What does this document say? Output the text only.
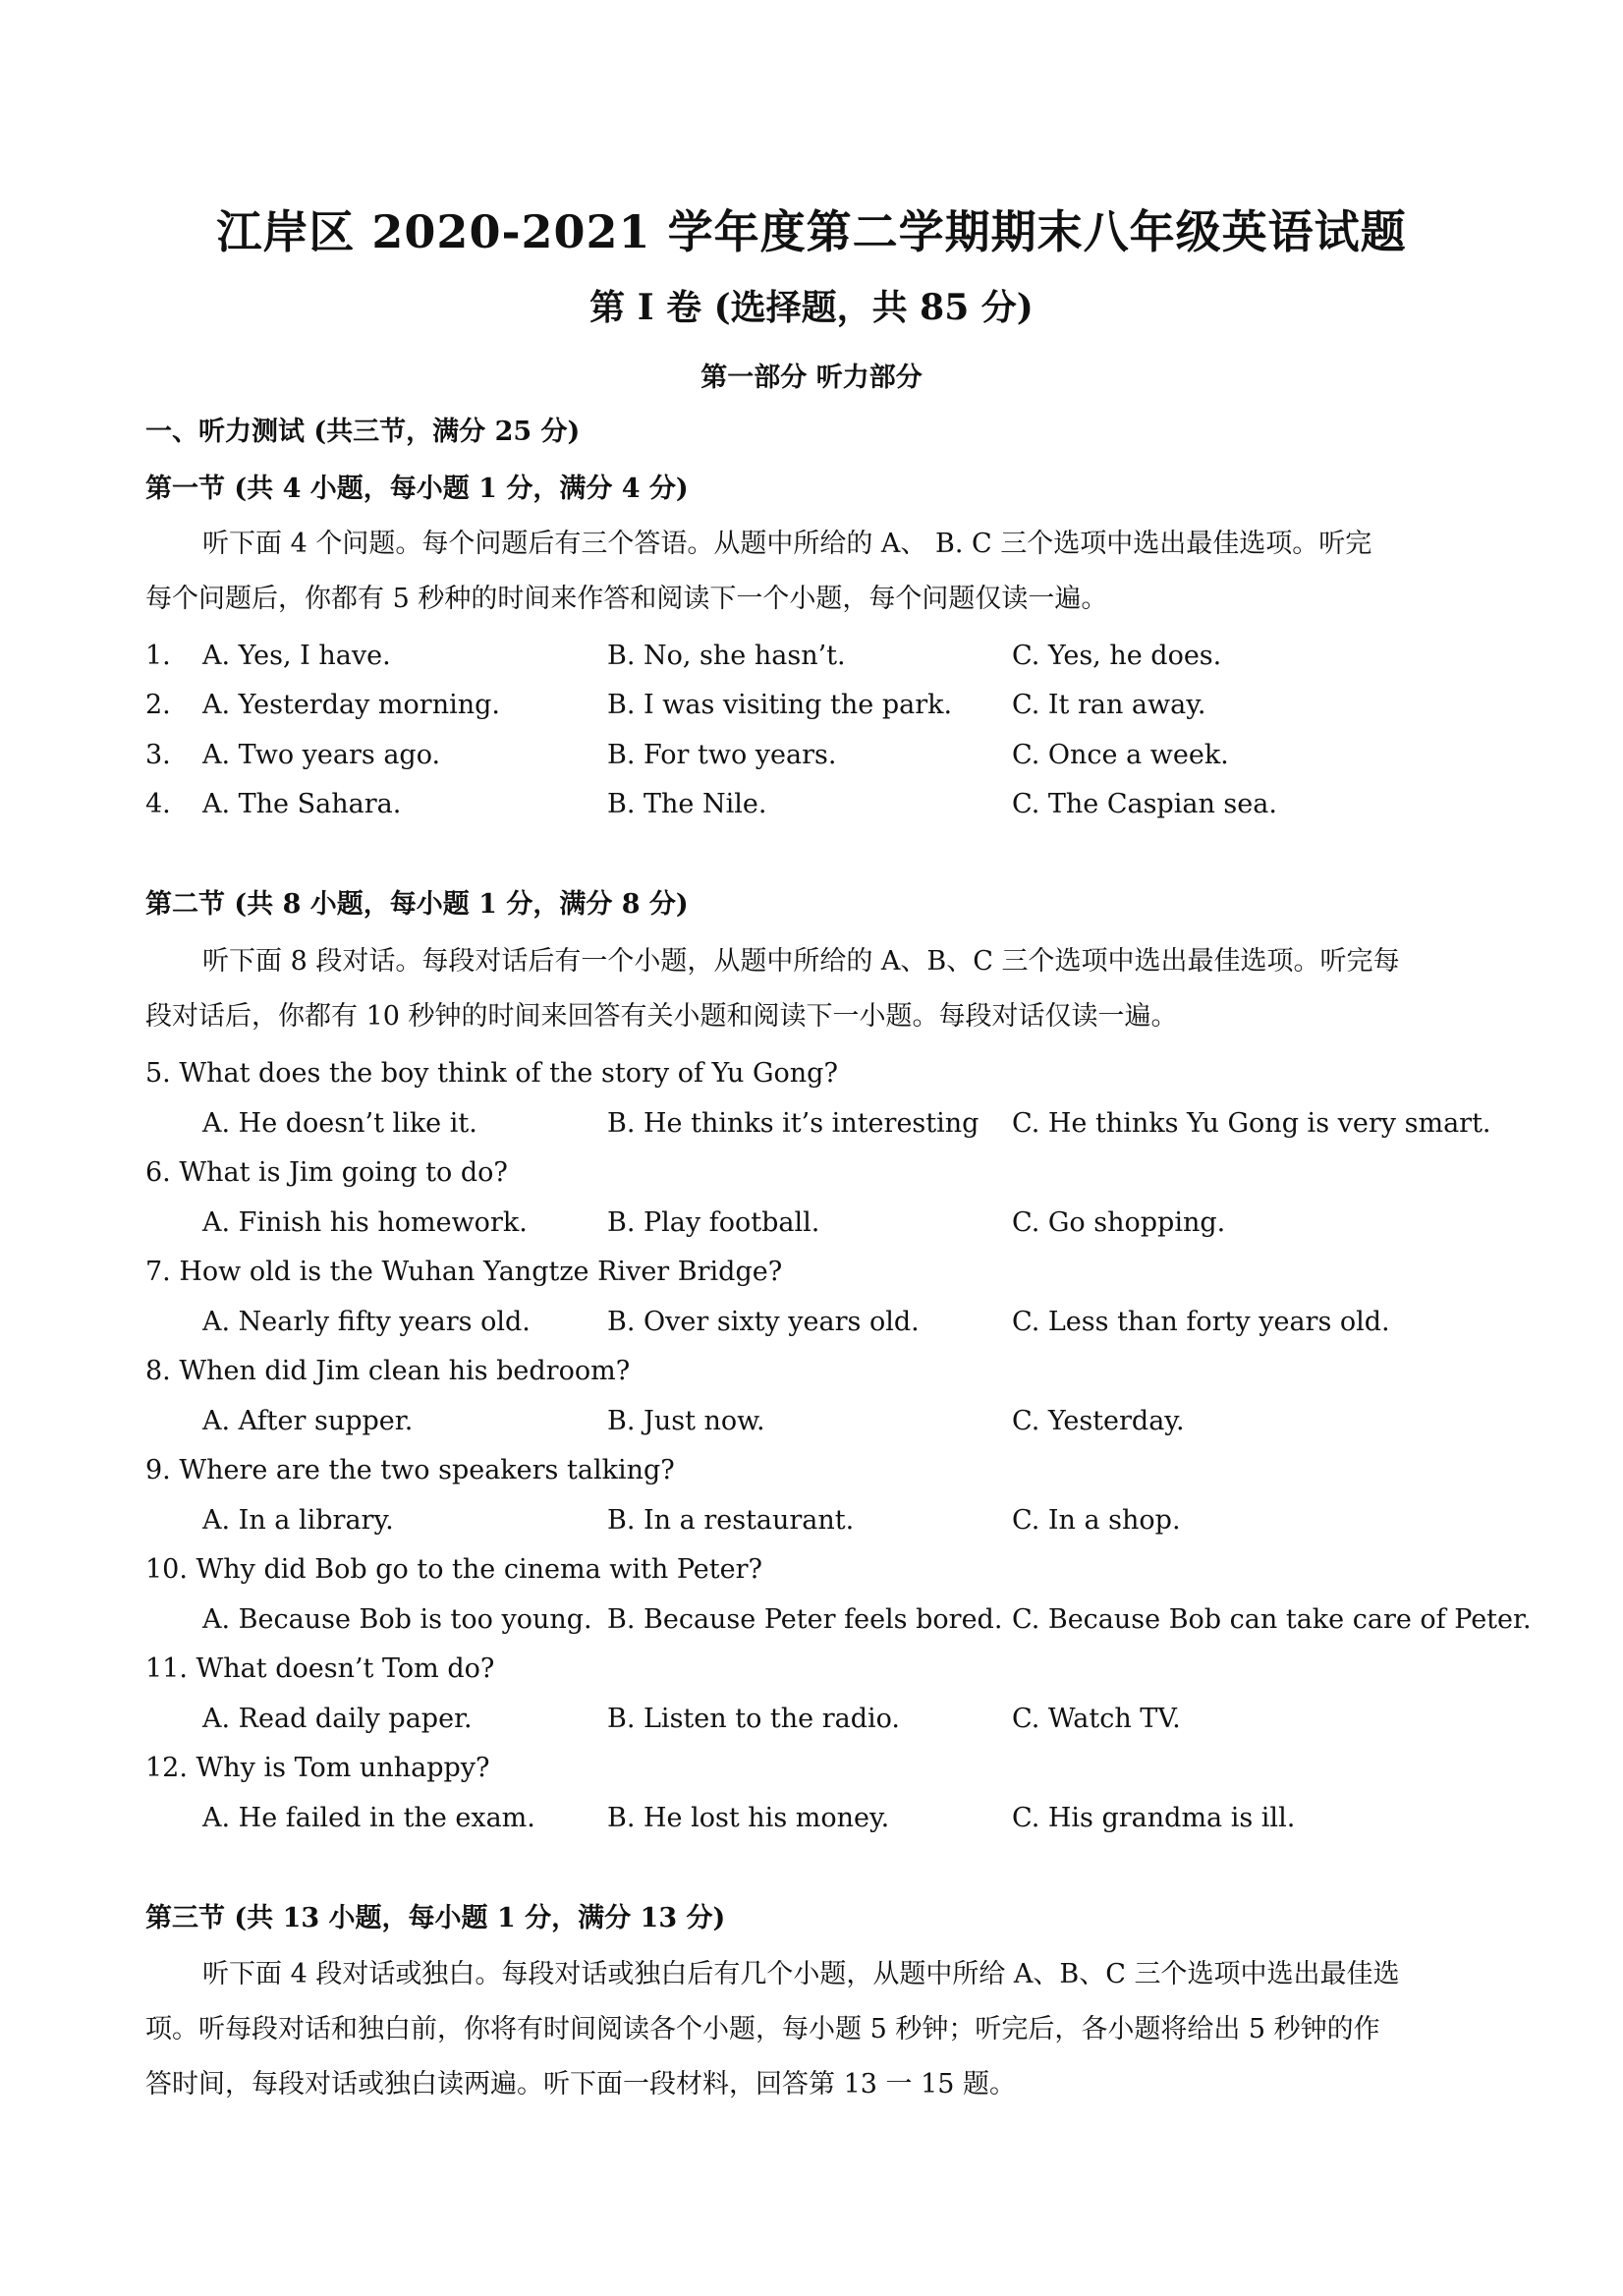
江岸区 2020-2021 学年度第二学期期末八年级英语试题
第 I 卷 (选择题，共 85 分)
第一部分 听力部分
一、听力测试 (共三节，满分 25 分)
第一节 (共 4 小题，每小题 1 分，满分 4 分)
听下面 4 个问题。每个问题后有三个答语。从题中所给的 A、 B. C 三个选项中选出最佳选项。听完
每个问题后，你都有 5 秒种的时间来作答和阅读下一个小题，每个问题仅读一遍。
1. A. Yes, I have.	B. No, she hasn’t.	C. Yes, he does.
2. A. Yesterday morning.	B. I was visiting the park. C. It ran away.
3. A. Two years ago.	B. For two years.	C. Once a week.
4. A. The Sahara.	B. The Nile.	C. The Caspian sea.
第二节 (共 8 小题，每小题 1 分，满分 8 分)
听下面 8 段对话。每段对话后有一个小题，从题中所给的 A、B、C 三个选项中选出最佳选项。听完每
段对话后，你都有 10 秒钟的时间来回答有关小题和阅读下一小题。每段对话仅读一遍。
5. What does the boy think of the story of Yu Gong?
A. He doesn’t like it.	B. He thinks it’s interesting C. He thinks Yu Gong is very smart.
6. What is Jim going to do?
A. Finish his homework.	B. Play football.	C. Go shopping.
7. How old is the Wuhan Yangtze River Bridge?
A. Nearly fifty years old.	B. Over sixty years old.	C. Less than forty years old.
8. When did Jim clean his bedroom?
A. After supper.	B. Just now.	C. Yesterday.
9. Where are the two speakers talking?
A. In a library.	B. In a restaurant.	C. In a shop.
10. Why did Bob go to the cinema with Peter?
A. Because Bob is too young. B. Because Peter feels bored. C. Because Bob can take care of Peter.
11. What doesn’t Tom do?
A. Read daily paper.	B. Listen to the radio.	C. Watch TV.
12. Why is Tom unhappy?
A. He failed in the exam.	B. He lost his money.	C. His grandma is ill.
第三节 (共 13 小题，每小题 1 分，满分 13 分)
听下面 4 段对话或独白。每段对话或独白后有几个小题，从题中所给 A、B、C 三个选项中选出最佳选
项。听每段对话和独白前，你将有时间阅读各个小题，每小题 5 秒钟；听完后，各小题将给出 5 秒钟的作
答时间，每段对话或独白读两遍。听下面一段材料，回答第 13 一 15 题。
